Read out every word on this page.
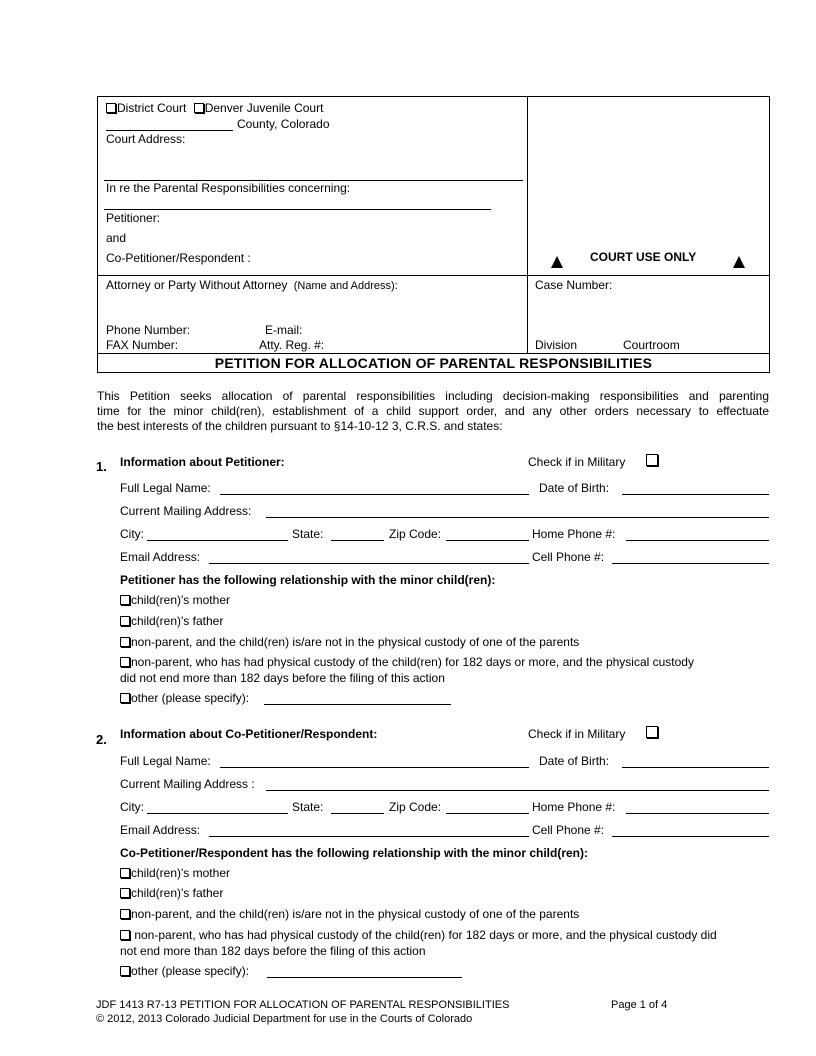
District Court Denver Juvenile Court
County, Colorado
Court Address:
In re the Parental Responsibilities concerning:
Petitioner:
and
Co-Petitioner/Respondent :	COURT USE ONLY
Attorney or Party Without Attorney (Name and Address):
Phone Number:	E-mail:
FAX Number:	Atty. Reg. #:
Case Number:
Division	Courtroom
PETITION FOR ALLOCATION OF PARENTAL RESPONSIBILITIES
This Petition seeks allocation of parental responsibilities including decision-making responsibilities and parenting
time for the minor child(ren), establishment of a child support order, and any other orders necessary to effectuate
the best interests of the children pursuant to §14-10-12 3, C.R.S. and states:
1. Information about Petitioner:	Check if in Military
Full Legal Name:	Date of Birth:
Current Mailing Address:
City:	State:	Zip Code:	Home Phone #:
Email Address:	Cell Phone #:
Petitioner has the following relationship with the minor child(ren):
child(ren)'s mother
child(ren)'s father
non-parent, and the child(ren) is/are not in the physical custody of one of the parents
non-parent, who has had physical custody of the child(ren) for 182 days or more, and the physical custody
did not end more than 182 days before the filing of this action
other (please specify):
2. Information about Co-Petitioner/Respondent:	Check if in Military
Full Legal Name:	Date of Birth:
Current Mailing Address :
City:	State:	Zip Code:	Home Phone #:
Email Address:	Cell Phone #:
Co-Petitioner/Respondent has the following relationship with the minor child(ren):
child(ren)'s mother
child(ren)'s father
non-parent, and the child(ren) is/are not in the physical custody of one of the parents
non-parent, who has had physical custody of the child(ren) for 182 days or more, and the physical custody did
not end more than 182 days before the filing of this action
other (please specify):
JDF 1413 R7-13 PETITION FOR ALLOCATION OF PARENTAL RESPONSIBILITIES	Page 1 of 4
© 2012, 2013 Colorado Judicial Department for use in the Courts of Colorado
